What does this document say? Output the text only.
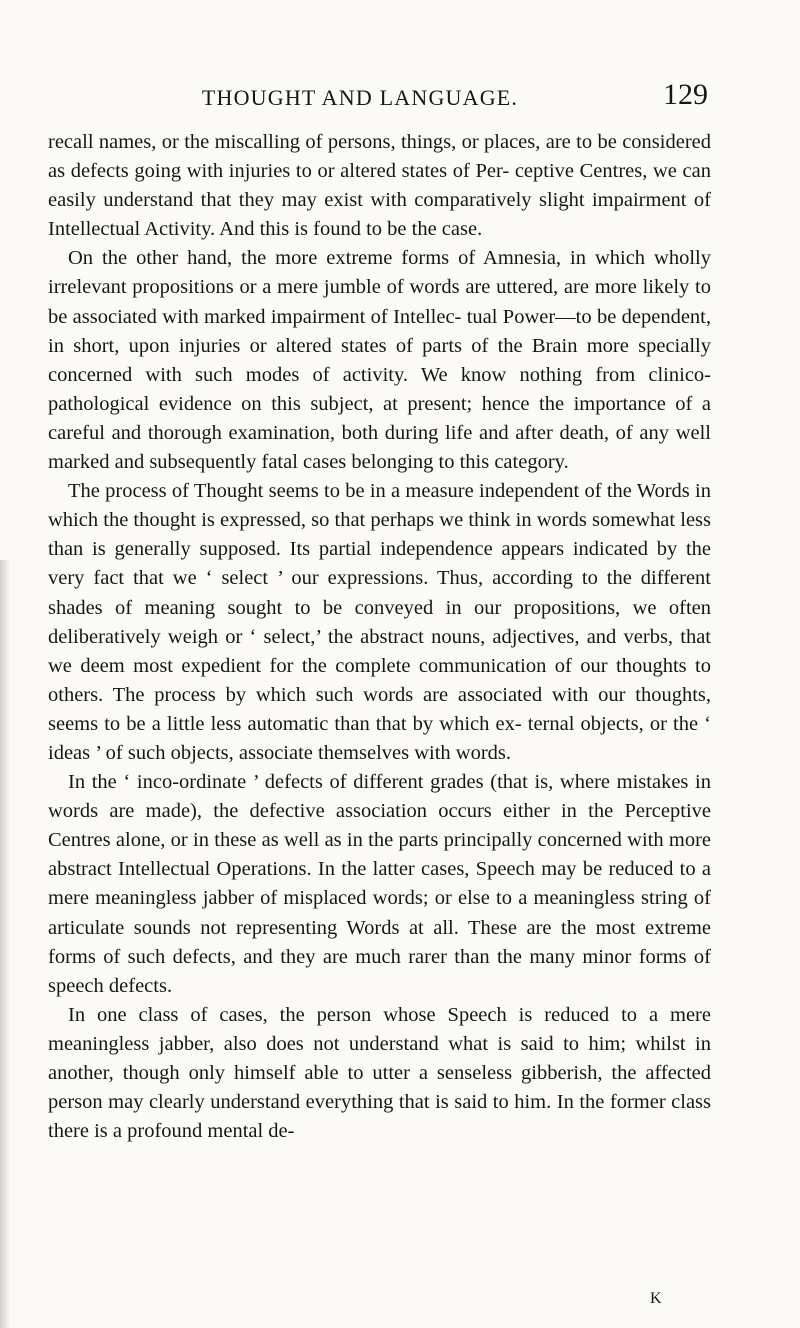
THOUGHT AND LANGUAGE.	129

recall names, or the miscalling of persons, things, or places, are to be considered as defects going with injuries to or altered states of Per- ceptive Centres, we can easily understand that they may exist with comparatively slight impairment of Intellectual Activity. And this is found to be the case.

On the other hand, the more extreme forms of Amnesia, in which wholly irrelevant propositions or a mere jumble of words are uttered, are more likely to be associated with marked impairment of Intellec- tual Power—to be dependent, in short, upon injuries or altered states of parts of the Brain more specially concerned with such modes of activity. We know nothing from clinico-pathological evidence on this subject, at present; hence the importance of a careful and thorough examination, both during life and after death, of any well marked and subsequently fatal cases belonging to this category.

The process of Thought seems to be in a measure independent of the Words in which the thought is expressed, so that perhaps we think in words somewhat less than is generally supposed. Its partial independence appears indicated by the very fact that we ‘ select ’ our expressions. Thus, according to the different shades of meaning sought to be conveyed in our propositions, we often deliberatively weigh or ‘ select,’ the abstract nouns, adjectives, and verbs, that we deem most expedient for the complete communication of our thoughts to others. The process by which such words are associated with our thoughts, seems to be a little less automatic than that by which ex- ternal objects, or the ‘ ideas ’ of such objects, associate themselves with words.

In the ‘ inco-ordinate ’ defects of different grades (that is, where mistakes in words are made), the defective association occurs either in the Perceptive Centres alone, or in these as well as in the parts principally concerned with more abstract Intellectual Operations. In the latter cases, Speech may be reduced to a mere meaningless jabber of misplaced words; or else to a meaningless string of articulate sounds not representing Words at all. These are the most extreme forms of such defects, and they are much rarer than the many minor forms of speech defects.

In one class of cases, the person whose Speech is reduced to a mere meaningless jabber, also does not understand what is said to him; whilst in another, though only himself able to utter a senseless gibberish, the affected person may clearly understand everything that is said to him. In the former class there is a profound mental de-

K
